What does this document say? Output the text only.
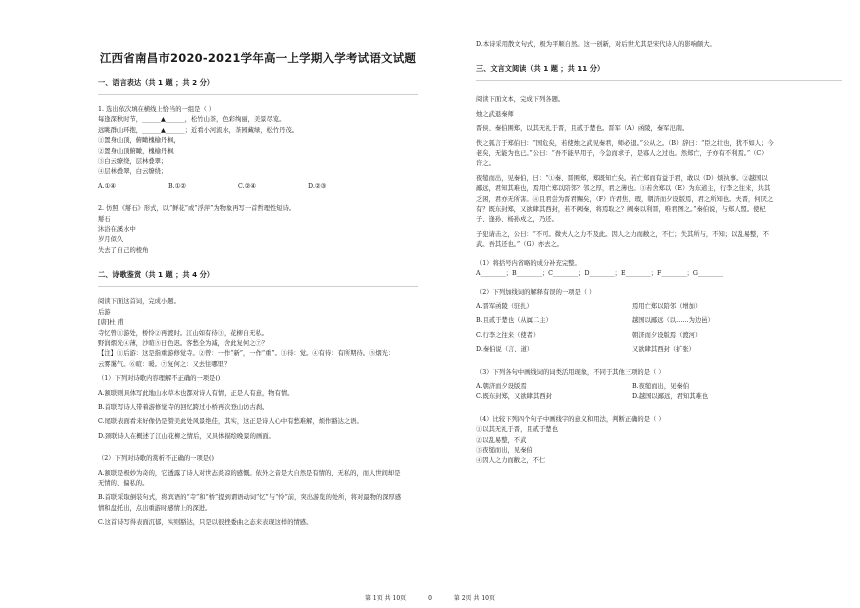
江西省南昌市2020-2021学年高一上学期入学考试语文试题
一、语言表达（共 1 题 ；共 2 分）
1. 选出依次填在横线上恰当的一组是（ ）
每逢深秋时节，______▲______，松竹山茶，色彩绚丽，美景尽览。
远眺群山环抱，______▲______；近看小河流水，茶园藏绿，松竹丹茂。
①置身山顶，俯瞰槐榆丹枫，
②置身山顶俯瞰，槐榆丹枫
③白云缭绕，层林叠翠；
④层林叠翠，白云缭绕；
A.①④	B.①②	C.②④	D.②③
2. 仿照《掰石》形式，以“鲜花”或“浮萍”为物象再写一首哲理性短诗。
掰石
沐浴在溪水中
岁月似久
失去了自己的棱角
二、诗歌鉴赏（共 1 题 ；共 4 分）
阅读下面这首词，完成小题。
后游
[唐]杜 甫
寺忆曾①游处，桥怜②再渡时。江山如有待③，花柳自无私。
野润烟光④薄，沙暄⑤日色迟。客愁全为减，舍此复何之⑦？
【注】①后游：这是指重游修觉寺。②曾：一作“新”，一作“重”。③待：觉。④有待：有所期待。⑤烟光：
云雾霭气。⑥暄：暖。⑦复何之：又去往哪里？
（1）下列对诗歌内容理解不正确的一项是()
A.颔联则具体写此地山水草木也都对诗人有情，正是人有意，物有情。
B.首联写诗人带着游修觉寺的回忆跨过小桥再次登山访古刹。
C.尾联表面看来好像仍是赞美此处风景绝佳，其实，这正是诗人心中有愁难解，烦作豁达之语。
D.颈联诗人在概述了江山花柳之情后，又具体描绘晚景的画面。
（2）下列对诗歌的赏析不正确的一项是()
A.颔联是极妙为奇的，它透露了诗人对世态炎凉的感慨。依外之音是大自然是有情的、无私的，而人世间却是
无情的、偏私的。
B.首联采取倒装句式，将宾语的“寺”和“桥”提到谓语动词“忆”与“怜”前，突出游览的处所，将对最物的深厚感
情和盘托出，点出重游时感情上的深进。
C.这首诗写得表面沉郁，实则豁达，只是以很挫委曲之态来表现这样的情感。
D.本诗采用散文句式，极为平顺自然。这一创新，对后世尤其是宋代诗人的影响颇大。
三、文言文阅读（共 1 题 ；共 11 分）
阅读下面文本，完成下列各题。
烛之武退秦师
晋侯、秦伯围郑，以其无礼于晋，且贰于楚也。晋军（A）函陵，秦军氾南。
佚之狐言于郑伯曰：“国危矣，若使烛之武见秦君，师必退。”公从之。（B）辞曰：“臣之壮也，犹不如人；今
老矣，无能为也已。”公曰：“吾不能早用子，今急而求子，是寡人之过也。然郑亡，子亦有不利焉。”（C）
许之。
夜缒而出，见秦伯，曰：“①秦、晋围郑，郑既知亡矣。若亡郑而有益于君，敢以（D）烦执事。②越国以
鄙远，君知其难也，焉用亡郑以陪邻？邻之厚，君之薄也。③若舍郑以（E）为东道主，行李之往来，共其
乏困，君亦无所害。④且君尝为晋君赐矣，（F）许君焦、瑕，朝济而夕设版焉，君之所知也。夫晋，何厌之
有？既东封郑，又欲肆其西封，若不阙秦，将焉取之？阙秦以利晋，唯君图之。”秦伯说，与郑人盟。使杞
子、逢孙、杨孙戍之，乃还。
子犯请击之，公曰：“不可。微夫人之力不及此。因人之力而敝之，不仁；失其所与，不知；以乱易整，不
武。吾其还也。”（G）亦去之。
（1）将括号内省略的成分补充完整。
A________；B________；C________；D________；E________；F________；G________
（2）下列加线词的解释有误的一项是（ ）
A.晋军函陵（驻扎）	焉用亡郑以陪邻（增加）
B.且贰于楚也（从属二主）	越国以鄙远（以……为边邑）
C.行李之往来（使者）	朝济而夕设版焉（渡河）
D.秦伯说（言、道）	又欲肆其西封（扩张）
（3）下列各句中画线词的词类活用现象，不同于其他三项的是（ ）
A.朝济而夕设版焉	B.夜缒而出，见秦伯
C.既东封郑，又欲肆其西封	D.越国以鄙远，君知其难也
（4）比较下列四个句子中画线字的意义和用法，判断正确的是（ ）
①以其无礼于晋，且贰于楚也
②以乱易整，不武
③夜缒而出，见秦伯
④因人之力而敝之，不仁
第 1页 共 10页	0	第 2页 共 10页
